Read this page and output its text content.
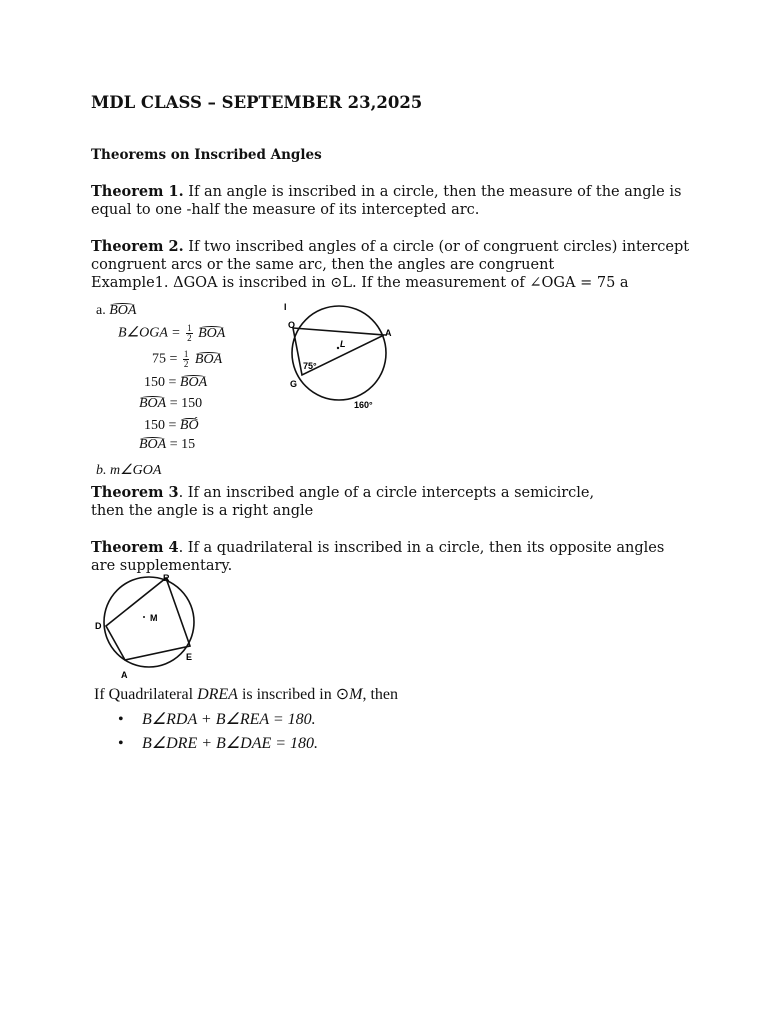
MDL CLASS – SEPTEMBER 23,2025
Theorems on Inscribed Angles
Theorem 1. If an angle is inscribed in a circle, then the measure of the angle is equal to one -half the measure of its intercepted arc.
Theorem 2. If two inscribed angles of a circle (or of congruent circles) intercept congruent arcs or the same arc, then the angles are congruent
Example1. ΔGOA is inscribed in ⊙L. If the measurement of ∠OGA = 75 a
a. BOA
B∠OGA = $\frac{1}{2}$ BOA
$75 = \frac{1}{2}$ BOA
150 = BOA
BOA = 150
150 = BÓ
BOA = 15
b. m∠GOA
O
A
G
L
I
75°
160°
Theorem 3. If an inscribed angle of a circle intercepts a semicircle,
then the angle is a right angle
Theorem 4. If a quadrilateral is inscribed in a circle, then its opposite angles are supplementary.
R
D
E
A
M
If Quadrilateral DREA is inscribed in ⊙M, then
• B∠RDA + B∠REA = 180.
• B∠DRE + B∠DAE = 180.
